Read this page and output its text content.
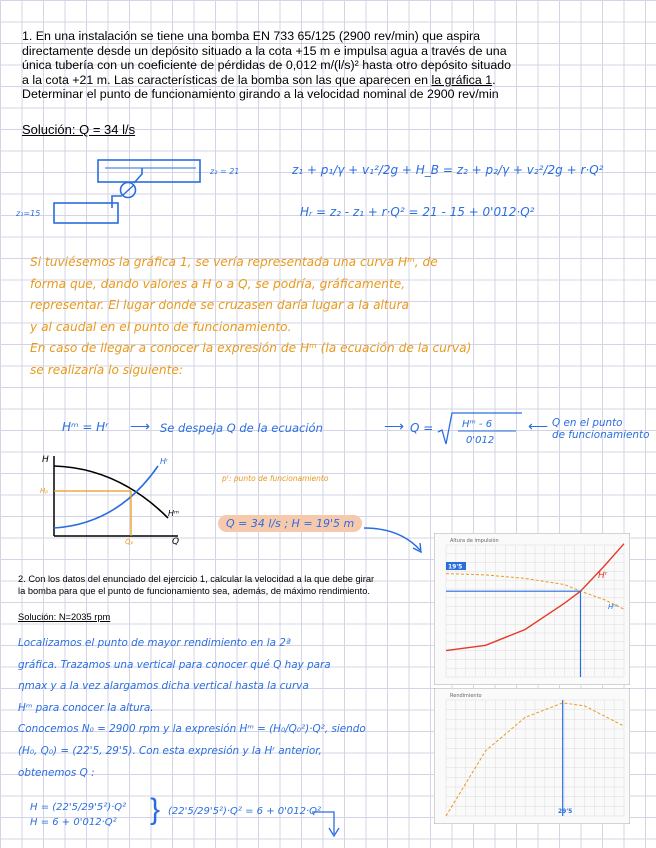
1. En una instalación se tiene una bomba EN 733 65/125 (2900 rev/min) que aspira
directamente desde un depósito situado a la cota +15 m e impulsa agua a través de una
única tubería con un coeficiente de pérdidas de 0,012 m/(l/s)² hasta otro depósito situado
a la cota +21 m. Las características de la bomba son las que aparecen en la gráfica 1.
Determinar el punto de funcionamiento girando a la velocidad nominal de 2900 rev/min
Solución: Q = 34 l/s
z₂ = 21
z₁=15
z₁ + p₁/γ + v₁²/2g + H_B = z₂ + p₂/γ + v₂²/2g + r·Q²
Hᵣ = z₂ - z₁ + r·Q² = 21 - 15 + 0'012·Q²
Si tuviésemos la gráfica 1, se vería representada una curva Hᵐ, de
forma que, dando valores a H o a Q, se podría, gráficamente,
representar. El lugar donde se cruzasen daría lugar a la altura
y al caudal en el punto de funcionamiento.
En caso de llegar a conocer la expresión de Hᵐ (la ecuación de la curva)
se realizaría lo siguiente:
Hᵐ = Hʳ ⟶ Se despeja Q de la ecuación	⟶ Q =	Hᵐ - 6
0'012
⟵ Q en el punto
de funcionamiento
H
Q
Hʳ
Hᵐ
Hₚ
Qₚ
pᶠ: punto de funcionamiento
Q = 34 l/s ; H = 19'5 m
2. Con los datos del enunciado del ejercicio 1, calcular la velocidad a la que debe girar
la bomba para que el punto de funcionamiento sea, además, de máximo rendimiento.
Solución: N=2035 rpm
Localizamos el punto de mayor rendimiento en la 2ª
gráfica. Trazamos una vertical para conocer qué Q hay para
ηmax y a la vez alargamos dicha vertical hasta la curva
Hᵐ para conocer la altura.
Conocemos N₀ = 2900 rpm y la expresión Hᵐ = (H₀/Q₀²)·Q², siendo
(H₀, Q₀) = (22'5, 29'5). Con esta expresión y la Hʳ anterior,
obtenemos Q :
H = (22'5/29'5²)·Q²
H = 6 + 0'012·Q²	} (22'5/29'5²)·Q² = 6 + 0'012·Q²
Altura de impulsión
19'5
Hʳ
Hᵐ
Rendimiento
29'5
